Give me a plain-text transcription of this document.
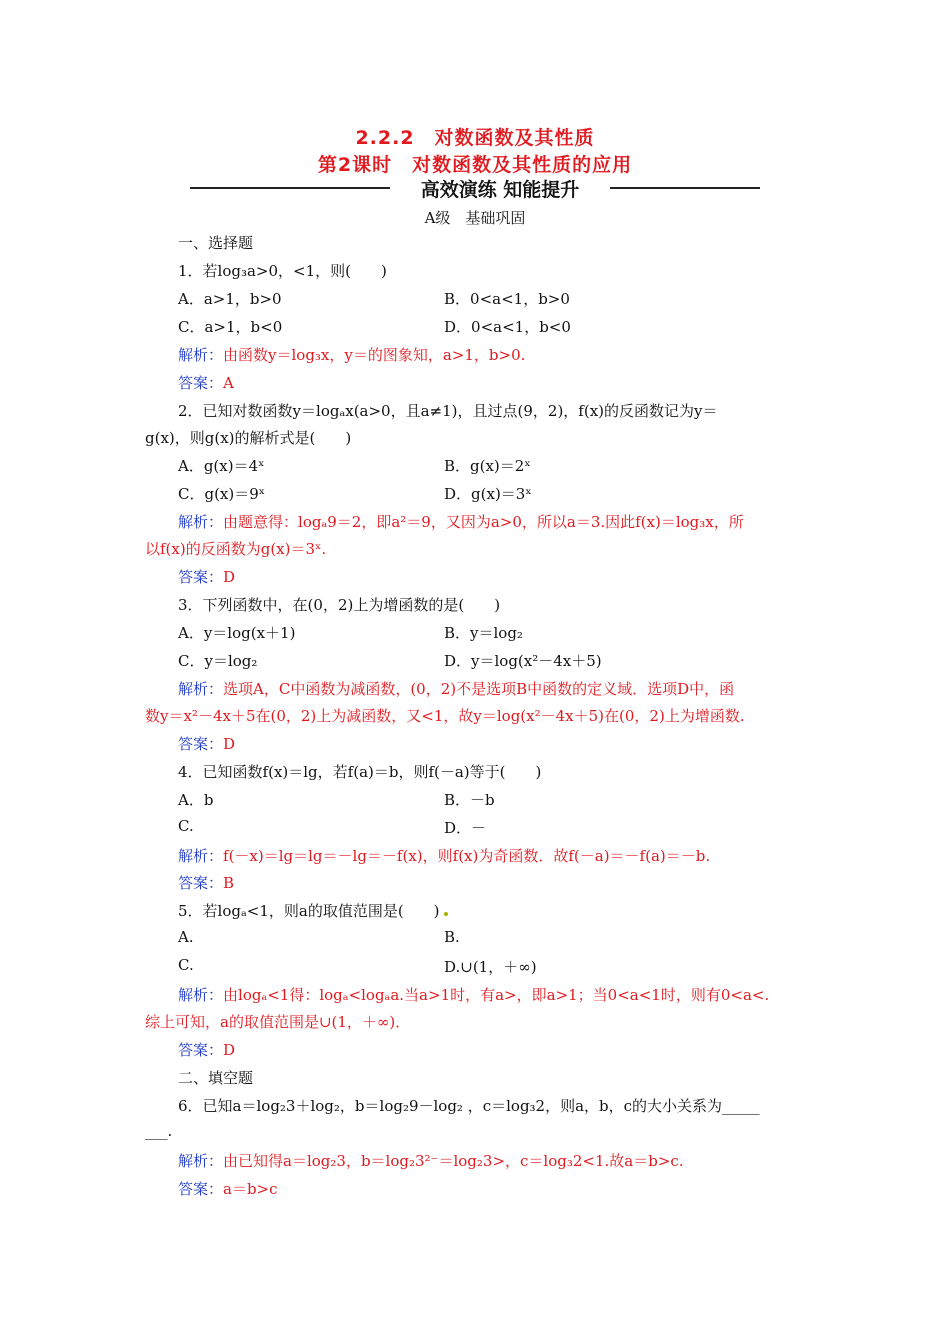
2.2.2　对数函数及其性质
第2课时　对数函数及其性质的应用
高效演练 知能提升
A级　基础巩固
一、选择题
1．若log₃a>0，<1，则(　　)
A．a>1，b>0	B．0<a<1，b>0
C．a>1，b<0	D．0<a<1，b<0
解析：由函数y＝log₃x，y＝的图象知，a>1，b>0.
答案：A
2．已知对数函数y＝logₐx(a>0，且a≠1)，且过点(9，2)，f(x)的反函数记为y＝
g(x)，则g(x)的解析式是(　　)
A．g(x)＝4ˣ	B．g(x)＝2ˣ
C．g(x)＝9ˣ	D．g(x)＝3ˣ
解析：由题意得：logₐ9＝2，即a²＝9，又因为a>0，所以a＝3.因此f(x)＝log₃x，所
以f(x)的反函数为g(x)＝3ˣ.
答案：D
3．下列函数中，在(0，2)上为增函数的是(　　)
A．y＝log(x＋1)	B．y＝log₂
C．y＝log₂	D．y＝log(x²－4x＋5)
解析：选项A，C中函数为减函数，(0，2)不是选项B中函数的定义域．选项D中，函
数y＝x²－4x＋5在(0，2)上为减函数，又<1，故y＝log(x²－4x＋5)在(0，2)上为增函数.
答案：D
4．已知函数f(x)＝lg，若f(a)＝b，则f(－a)等于(　　)
A．b	B．－b
C.	D．－
解析：f(－x)＝lg＝lg＝－lg＝－f(x)，则f(x)为奇函数．故f(－a)＝－f(a)＝－b.
答案：B
5．若logₐ<1，则a的取值范围是(　　)
A.	B.
C.	D.∪(1，＋∞)
解析：由logₐ<1得：logₐ<logₐa.当a>1时，有a>，即a>1；当0<a<1时，则有0<a<.
综上可知，a的取值范围是∪(1，＋∞)．
答案：D
二、填空题
6．已知a＝log₂3＋log₂，b＝log₂9－log₂ ，c＝log₃2，则a，b，c的大小关系为_____
___.
解析：由已知得a＝log₂3，b＝log₂3²⁻＝log₂3>，c＝log₃2<1.故a＝b>c.
答案：a＝b>c
